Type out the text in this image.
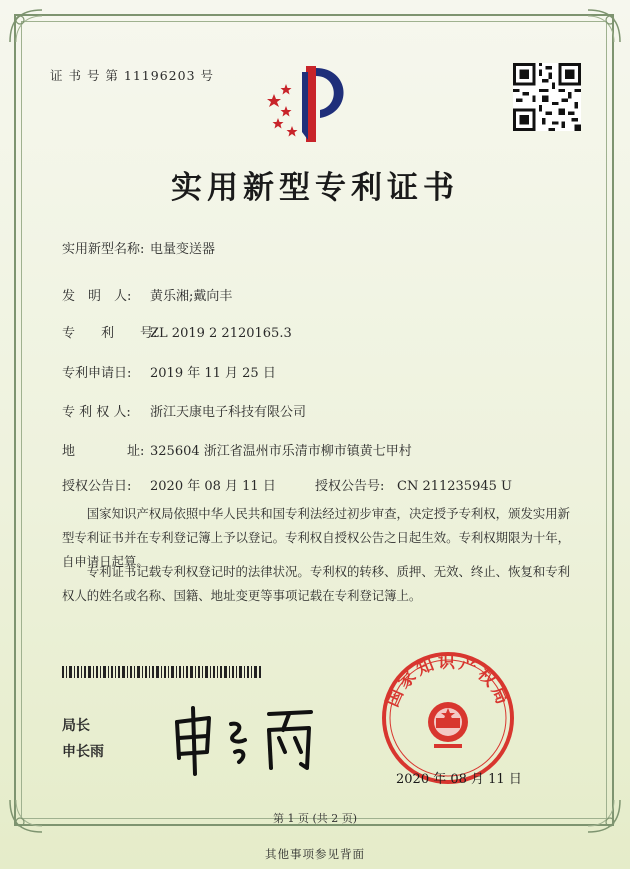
证 书 号 第 11196203 号
实用新型专利证书
实用新型名称: 电量变送器
发　明　人: 黄乐湘;戴向丰
专　　利　　号:ZL 2019 2 2120165.3
专利申请日: 2019 年 11 月 25 日
专 利 权 人: 浙江天康电子科技有限公司
地　　　　址: 325604 浙江省温州市乐清市柳市镇黄七甲村
授权公告日: 2020 年 08 月 11 日	授权公告号: CN 211235945 U
国家知识产权局依照中华人民共和国专利法经过初步审查，决定授予专利权，颁发实用新型专利证书并在专利登记簿上予以登记。专利权自授权公告之日起生效。专利权期限为十年，自申请日起算。
专利证书记载专利权登记时的法律状况。专利权的转移、质押、无效、终止、恢复和专利权人的姓名或名称、国籍、地址变更等事项记载在专利登记簿上。
局长
申长雨
国家知识产权局
2020 年 08 月 11 日
第 1 页 (共 2 页)
其他事项参见背面
